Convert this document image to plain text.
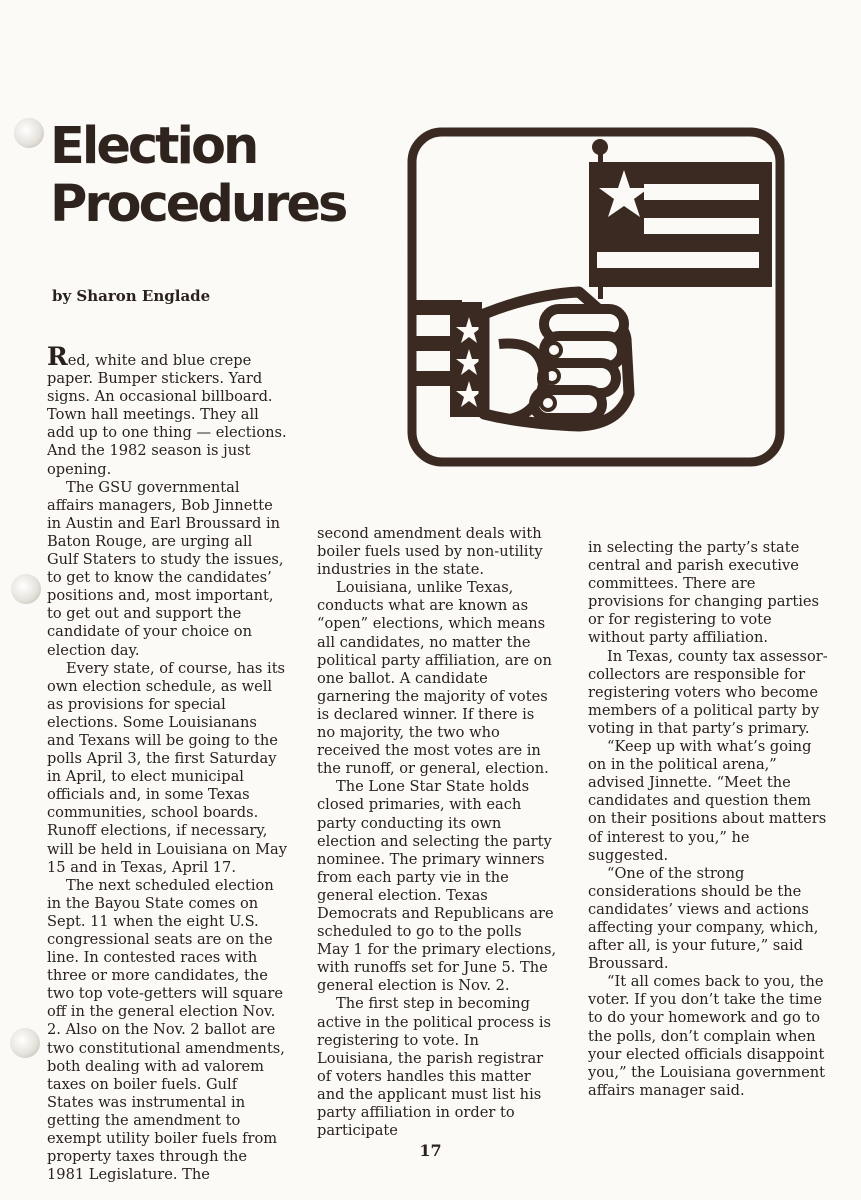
Election
Procedures
by Sharon Englade

Red, white and blue crepe paper. Bumper stickers. Yard signs. An occasional billboard. Town hall meetings. They all add up to one thing — elections. And the 1982 season is just opening.

The GSU governmental affairs managers, Bob Jinnette in Austin and Earl Broussard in Baton Rouge, are urging all Gulf Staters to study the issues, to get to know the candidates’ positions and, most important, to get out and support the candidate of your choice on election day.

Every state, of course, has its own election schedule, as well as provisions for special elections. Some Louisianans and Texans will be going to the polls April 3, the first Saturday in April, to elect municipal officials and, in some Texas communities, school boards. Runoff elections, if necessary, will be held in Louisiana on May 15 and in Texas, April 17.

The next scheduled election in the Bayou State comes on Sept. 11 when the eight U.S. congressional seats are on the line. In contested races with three or more candidates, the two top vote-getters will square off in the general election Nov. 2. Also on the Nov. 2 ballot are two constitutional amendments, both dealing with ad valorem taxes on boiler fuels. Gulf States was instrumental in getting the amendment to exempt utility boiler fuels from property taxes through the 1981 Legislature. The

second amendment deals with boiler fuels used by non-utility industries in the state.

Louisiana, unlike Texas, conducts what are known as “open” elections, which means all candidates, no matter the political party affiliation, are on one ballot. A candidate garnering the majority of votes is declared winner. If there is no majority, the two who received the most votes are in the runoff, or general, election.

The Lone Star State holds closed primaries, with each party conducting its own election and selecting the party nominee. The primary winners from each party vie in the general election. Texas Democrats and Republicans are scheduled to go to the polls May 1 for the primary elections, with runoffs set for June 5. The general election is Nov. 2.

The first step in becoming active in the political process is registering to vote. In Louisiana, the parish registrar of voters handles this matter and the applicant must list his party affiliation in order to participate

in selecting the party’s state central and parish executive committees. There are provisions for changing parties or for registering to vote without party affiliation.

In Texas, county tax assessor-collectors are responsible for registering voters who become members of a political party by voting in that party’s primary.

“Keep up with what’s going on in the political arena,” advised Jinnette. “Meet the candidates and question them on their positions about matters of interest to you,” he suggested.

“One of the strong considerations should be the candidates’ views and actions affecting your company, which, after all, is your future,” said Broussard.

“It all comes back to you, the voter. If you don’t take the time to do your homework and go to the polls, don’t complain when your elected officials disappoint you,” the Louisiana government affairs manager said.

17
